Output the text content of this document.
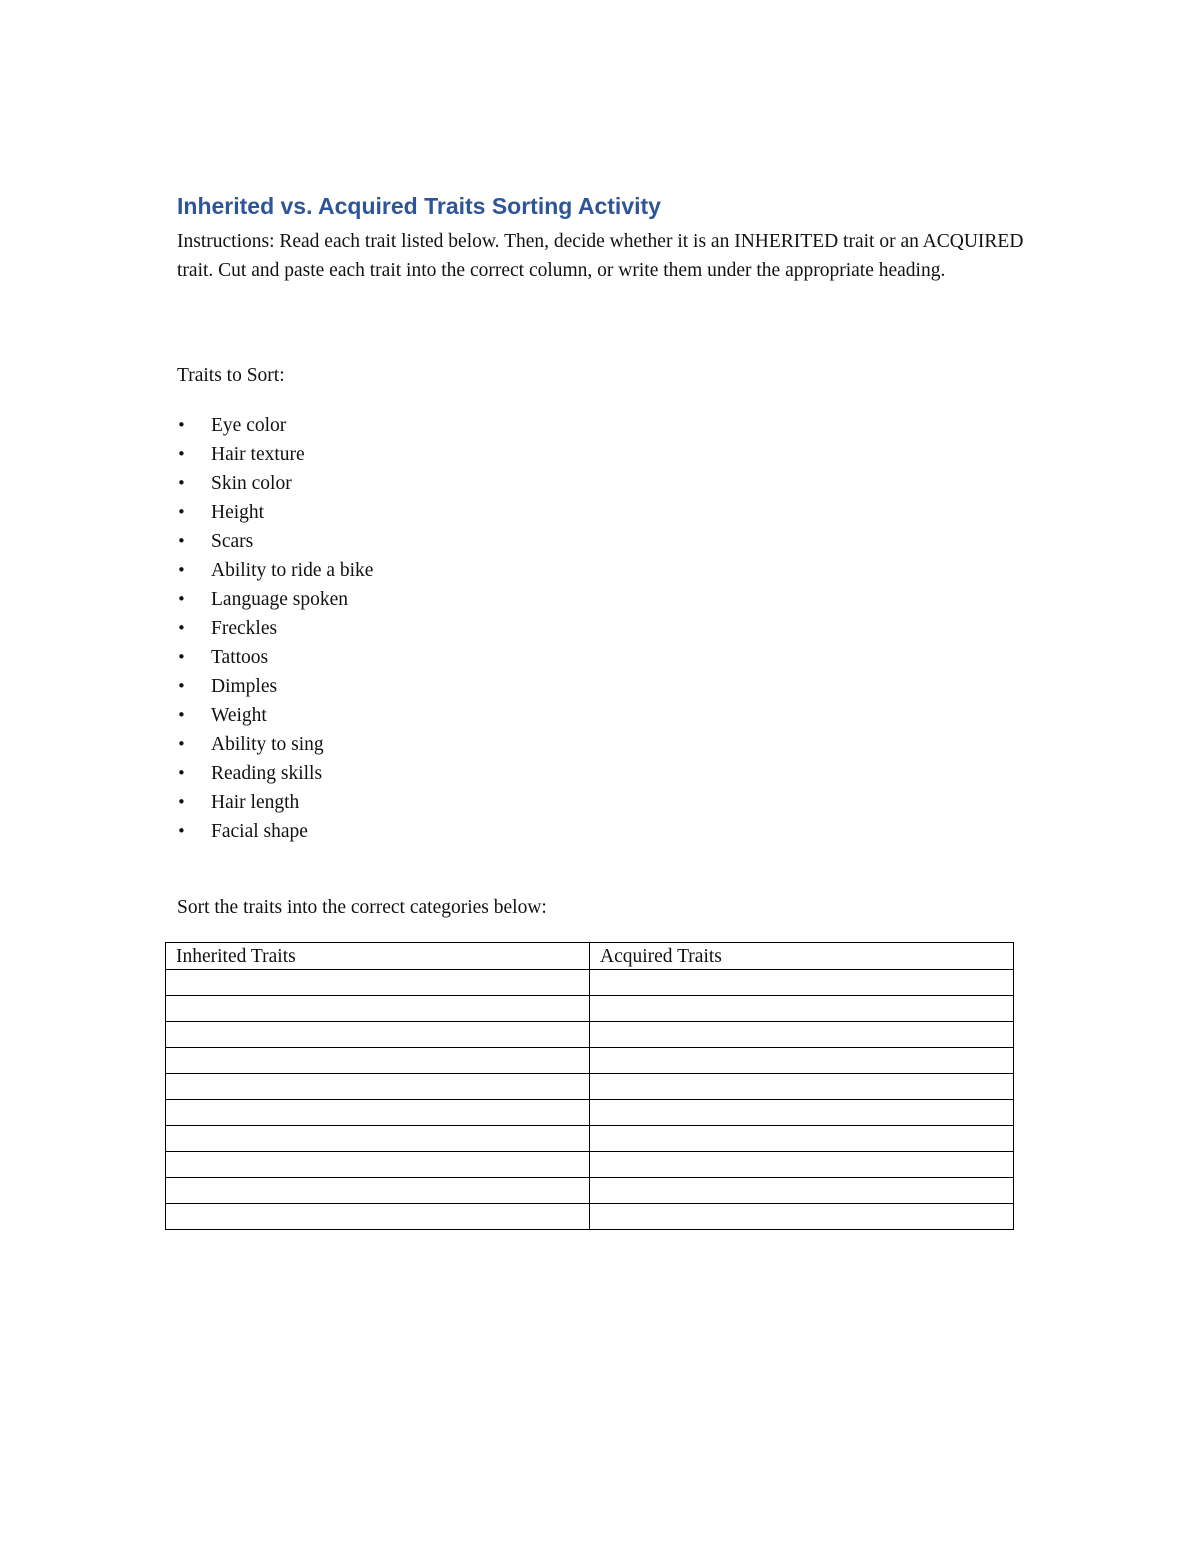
Inherited vs. Acquired Traits Sorting Activity

Instructions: Read each trait listed below. Then, decide whether it is an INHERITED trait or an ACQUIRED trait. Cut and paste each trait into the correct column, or write them under the appropriate heading.

Traits to Sort:

• Eye color
• Hair texture
• Skin color
• Height
• Scars
• Ability to ride a bike
• Language spoken
• Freckles
• Tattoos
• Dimples
• Weight
• Ability to sing
• Reading skills
• Hair length
• Facial shape

Sort the traits into the correct categories below:

Inherited Traits	Acquired Traits
